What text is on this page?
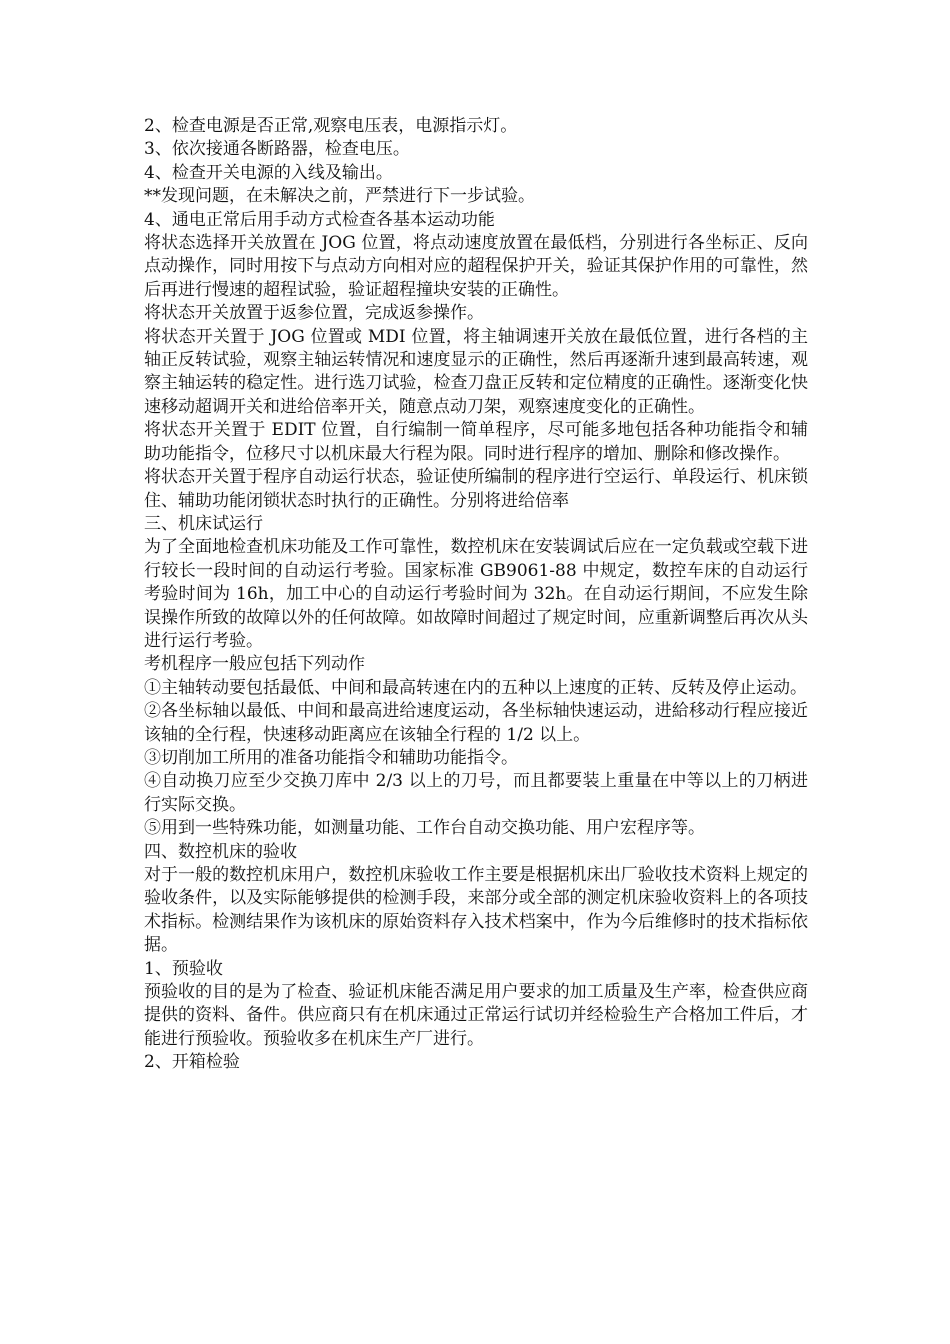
2、检查电源是否正常,观察电压表，电源指示灯。

3、依次接通各断路器，检查电压。

4、检查开关电源的入线及输出。

**发现问题，在未解决之前，严禁进行下一步试验。

4、通电正常后用手动方式检查各基本运动功能

将状态选择开关放置在 JOG 位置，将点动速度放置在最低档，分别进行各坐标正、反向点动操作，同时用按下与点动方向相对应的超程保护开关，验证其保护作用的可靠性，然后再进行慢速的超程试验，验证超程撞块安装的正确性。

将状态开关放置于返参位置，完成返参操作。

将状态开关置于 JOG 位置或 MDI 位置，将主轴调速开关放在最低位置，进行各档的主轴正反转试验，观察主轴运转情况和速度显示的正确性，然后再逐渐升速到最高转速，观察主轴运转的稳定性。进行选刀试验，检查刀盘正反转和定位精度的正确性。逐渐变化快速移动超调开关和进给倍率开关，随意点动刀架，观察速度变化的正确性。

将状态开关置于 EDIT 位置，自行编制一简单程序，尽可能多地包括各种功能指令和辅助功能指令，位移尺寸以机床最大行程为限。同时进行程序的增加、删除和修改操作。

将状态开关置于程序自动运行状态，验证使所编制的程序进行空运行、单段运行、机床锁住、辅助功能闭锁状态时执行的正确性。分别将进给倍率

三、机床试运行

为了全面地检查机床功能及工作可靠性，数控机床在安装调试后应在一定负载或空载下进行较长一段时间的自动运行考验。国家标准 GB9061-88 中规定，数控车床的自动运行考验时间为 16h，加工中心的自动运行考验时间为 32h。在自动运行期间，不应发生除误操作所致的故障以外的任何故障。如故障时间超过了规定时间，应重新调整后再次从头进行运行考验。

考机程序一般应包括下列动作

①主轴转动要包括最低、中间和最高转速在内的五种以上速度的正转、反转及停止运动。

②各坐标轴以最低、中间和最高进给速度运动，各坐标轴快速运动，进給移动行程应接近该轴的全行程，快速移动距离应在该轴全行程的 1/2 以上。

③切削加工所用的准备功能指令和辅助功能指令。

④自动换刀应至少交换刀库中 2/3 以上的刀号，而且都要装上重量在中等以上的刀柄进行实际交换。

⑤用到一些特殊功能，如测量功能、工作台自动交换功能、用户宏程序等。

四、数控机床的验收

对于一般的数控机床用户，数控机床验收工作主要是根据机床出厂验收技术资料上规定的验收条件，以及实际能够提供的检测手段，来部分或全部的测定机床验收资料上的各项技术指标。检测结果作为该机床的原始资料存入技术档案中，作为今后维修时的技术指标依据。

1、预验收

预验收的目的是为了检查、验证机床能否满足用户要求的加工质量及生产率，检查供应商提供的资料、备件。供应商只有在机床通过正常运行试切并经检验生产合格加工件后，才能进行预验收。预验收多在机床生产厂进行。

2、开箱检验
